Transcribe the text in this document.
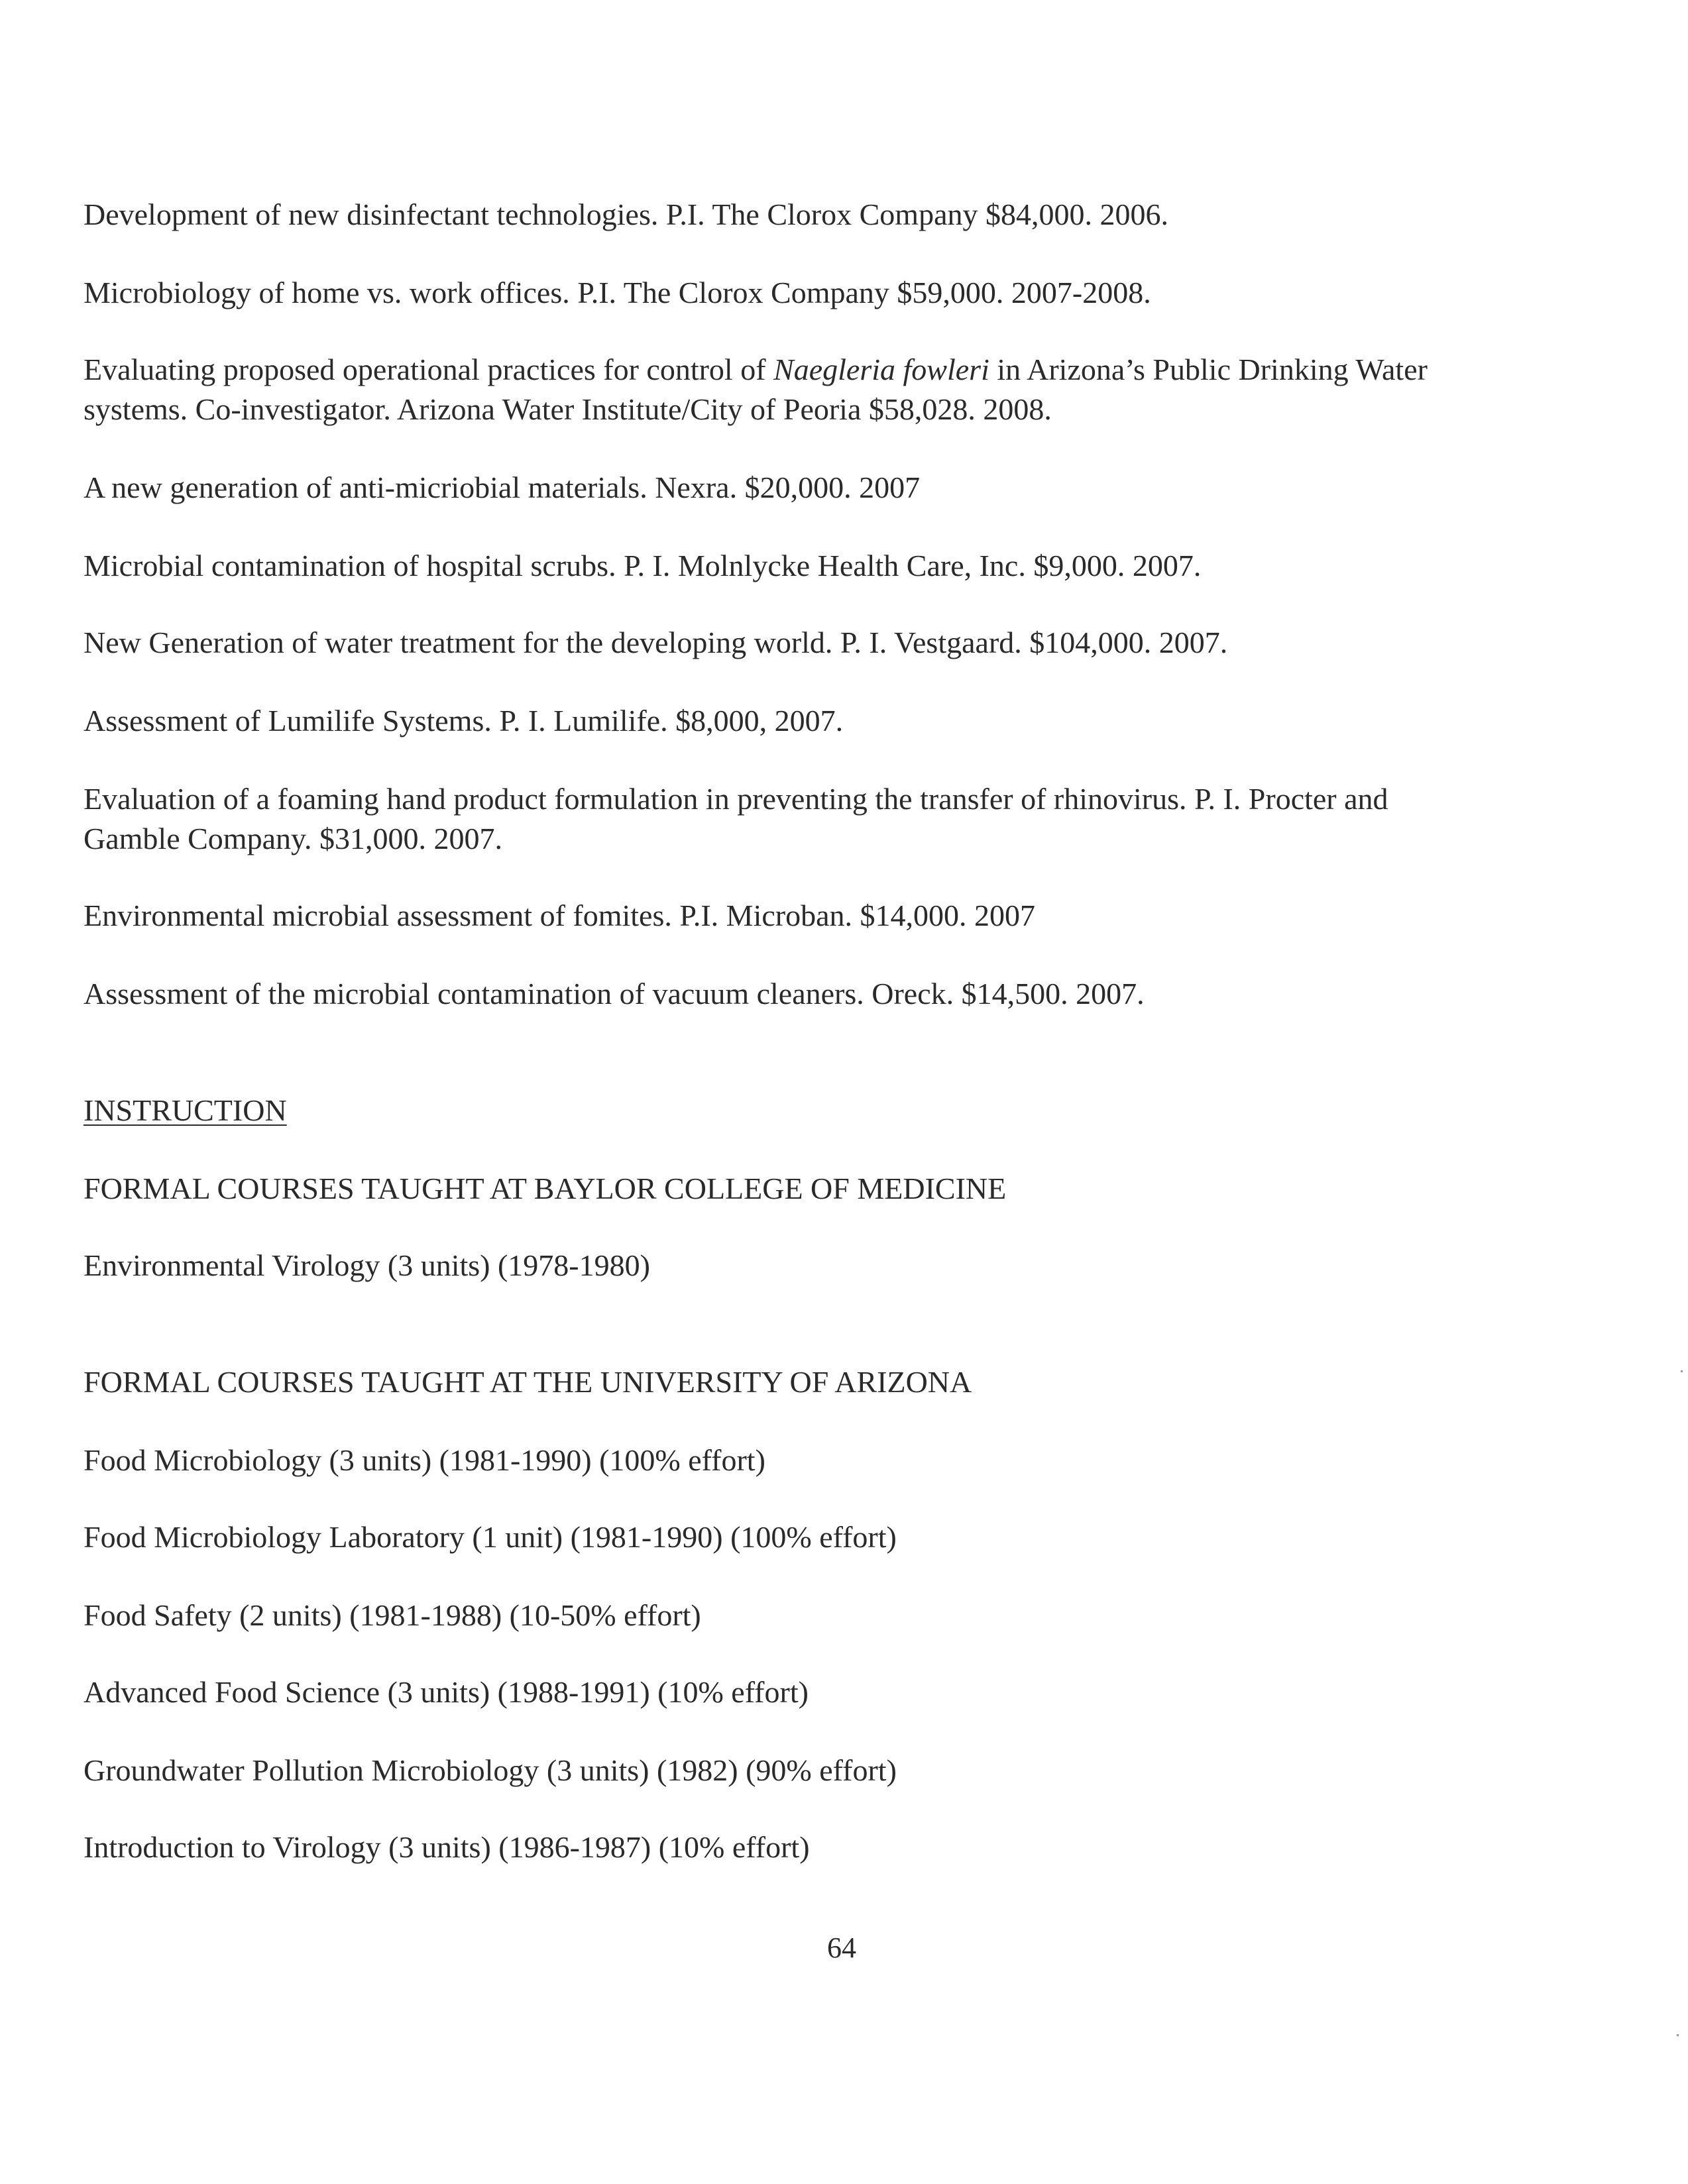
Development of new disinfectant technologies. P.I. The Clorox Company $84,000. 2006.

Microbiology of home vs. work offices. P.I. The Clorox Company $59,000. 2007-2008.

Evaluating proposed operational practices for control of Naegleria fowleri in Arizona’s Public Drinking Water

systems. Co-investigator. Arizona Water Institute/City of Peoria $58,028. 2008.

A new generation of anti-micriobial materials. Nexra. $20,000. 2007

Microbial contamination of hospital scrubs. P. I. Molnlycke Health Care, Inc. $9,000. 2007.

New Generation of water treatment for the developing world. P. I. Vestgaard. $104,000. 2007.

Assessment of Lumilife Systems. P. I. Lumilife. $8,000, 2007.

Evaluation of a foaming hand product formulation in preventing the transfer of rhinovirus. P. I. Procter and

Gamble Company. $31,000. 2007.

Environmental microbial assessment of fomites. P.I. Microban. $14,000. 2007

Assessment of the microbial contamination of vacuum cleaners. Oreck. $14,500. 2007.

INSTRUCTION

FORMAL COURSES TAUGHT AT BAYLOR COLLEGE OF MEDICINE

Environmental Virology (3 units) (1978-1980)

FORMAL COURSES TAUGHT AT THE UNIVERSITY OF ARIZONA

Food Microbiology (3 units) (1981-1990) (100% effort)

Food Microbiology Laboratory (1 unit) (1981-1990) (100% effort)

Food Safety (2 units) (1981-1988) (10-50% effort)

Advanced Food Science (3 units) (1988-1991) (10% effort)

Groundwater Pollution Microbiology (3 units) (1982) (90% effort)

Introduction to Virology (3 units) (1986-1987) (10% effort)

64
